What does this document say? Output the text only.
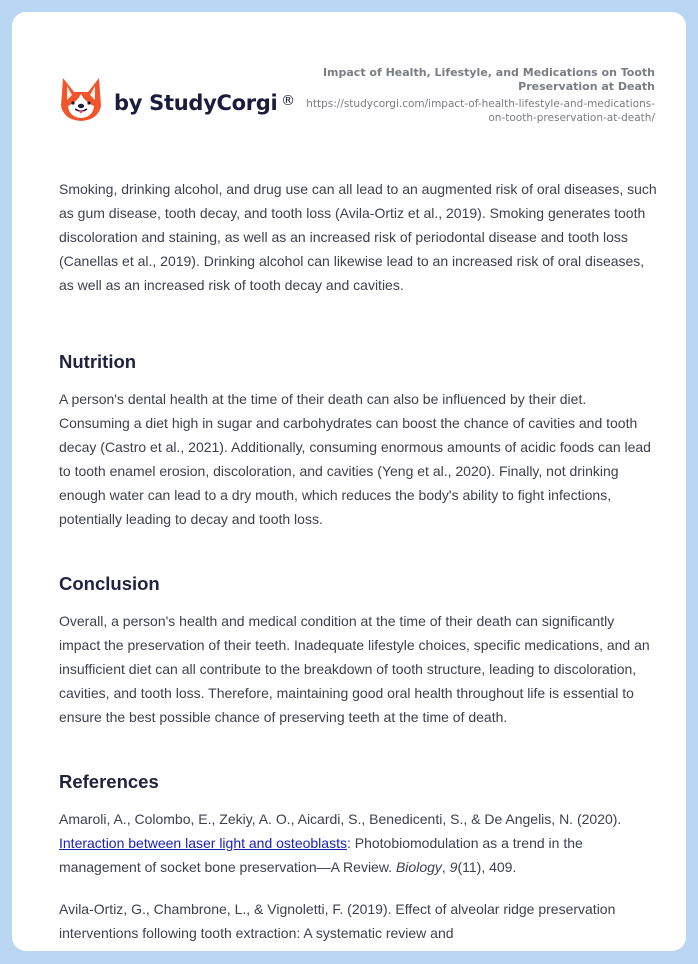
by StudyCorgi ®
Impact of Health, Lifestyle, and Medications on Tooth Preservation at Death
https://studycorgi.com/impact-of-health-lifestyle-and-medications-on-tooth-preservation-at-death/

Smoking, drinking alcohol, and drug use can all lead to an augmented risk of oral diseases, such as gum disease, tooth decay, and tooth loss (Avila-Ortiz et al., 2019). Smoking generates tooth discoloration and staining, as well as an increased risk of periodontal disease and tooth loss (Canellas et al., 2019). Drinking alcohol can likewise lead to an increased risk of oral diseases, as well as an increased risk of tooth decay and cavities.

Nutrition

A person's dental health at the time of their death can also be influenced by their diet. Consuming a diet high in sugar and carbohydrates can boost the chance of cavities and tooth decay (Castro et al., 2021). Additionally, consuming enormous amounts of acidic foods can lead to tooth enamel erosion, discoloration, and cavities (Yeng et al., 2020). Finally, not drinking enough water can lead to a dry mouth, which reduces the body's ability to fight infections, potentially leading to decay and tooth loss.

Conclusion

Overall, a person's health and medical condition at the time of their death can significantly impact the preservation of their teeth. Inadequate lifestyle choices, specific medications, and an insufficient diet can all contribute to the breakdown of tooth structure, leading to discoloration, cavities, and tooth loss. Therefore, maintaining good oral health throughout life is essential to ensure the best possible chance of preserving teeth at the time of death.

References

Amaroli, A., Colombo, E., Zekiy, A. O., Aicardi, S., Benedicenti, S., & De Angelis, N. (2020). Interaction between laser light and osteoblasts: Photobiomodulation as a trend in the management of socket bone preservation—A Review. Biology, 9(11), 409.

Avila-Ortiz, G., Chambrone, L., & Vignoletti, F. (2019). Effect of alveolar ridge preservation interventions following tooth extraction: A systematic review and
